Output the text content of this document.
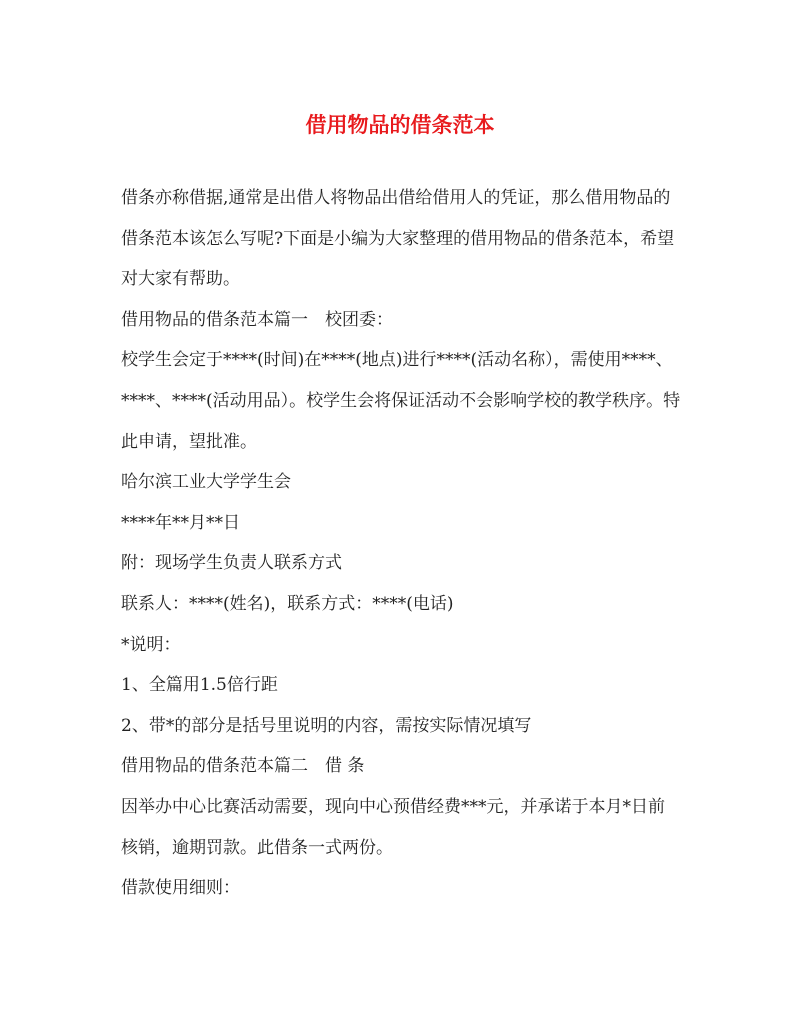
借用物品的借条范本

借条亦称借据,通常是出借人将物品出借给借用人的凭证，那么借用物品的借条范本该怎么写呢?下面是小编为大家整理的借用物品的借条范本，希望对大家有帮助。

借用物品的借条范本篇一　校团委：

校学生会定于****(时间)在****(地点)进行****(活动名称），需使用****、****、****(活动用品）。校学生会将保证活动不会影响学校的教学秩序。特此申请，望批准。

哈尔滨工业大学学生会

****年**月**日

附：现场学生负责人联系方式

联系人：****(姓名)，联系方式：****(电话)

*说明：

1、全篇用1.5倍行距

2、带*的部分是括号里说明的内容，需按实际情况填写

借用物品的借条范本篇二　借 条

因举办中心比赛活动需要，现向中心预借经费***元，并承诺于本月*日前核销，逾期罚款。此借条一式两份。

借款使用细则：
